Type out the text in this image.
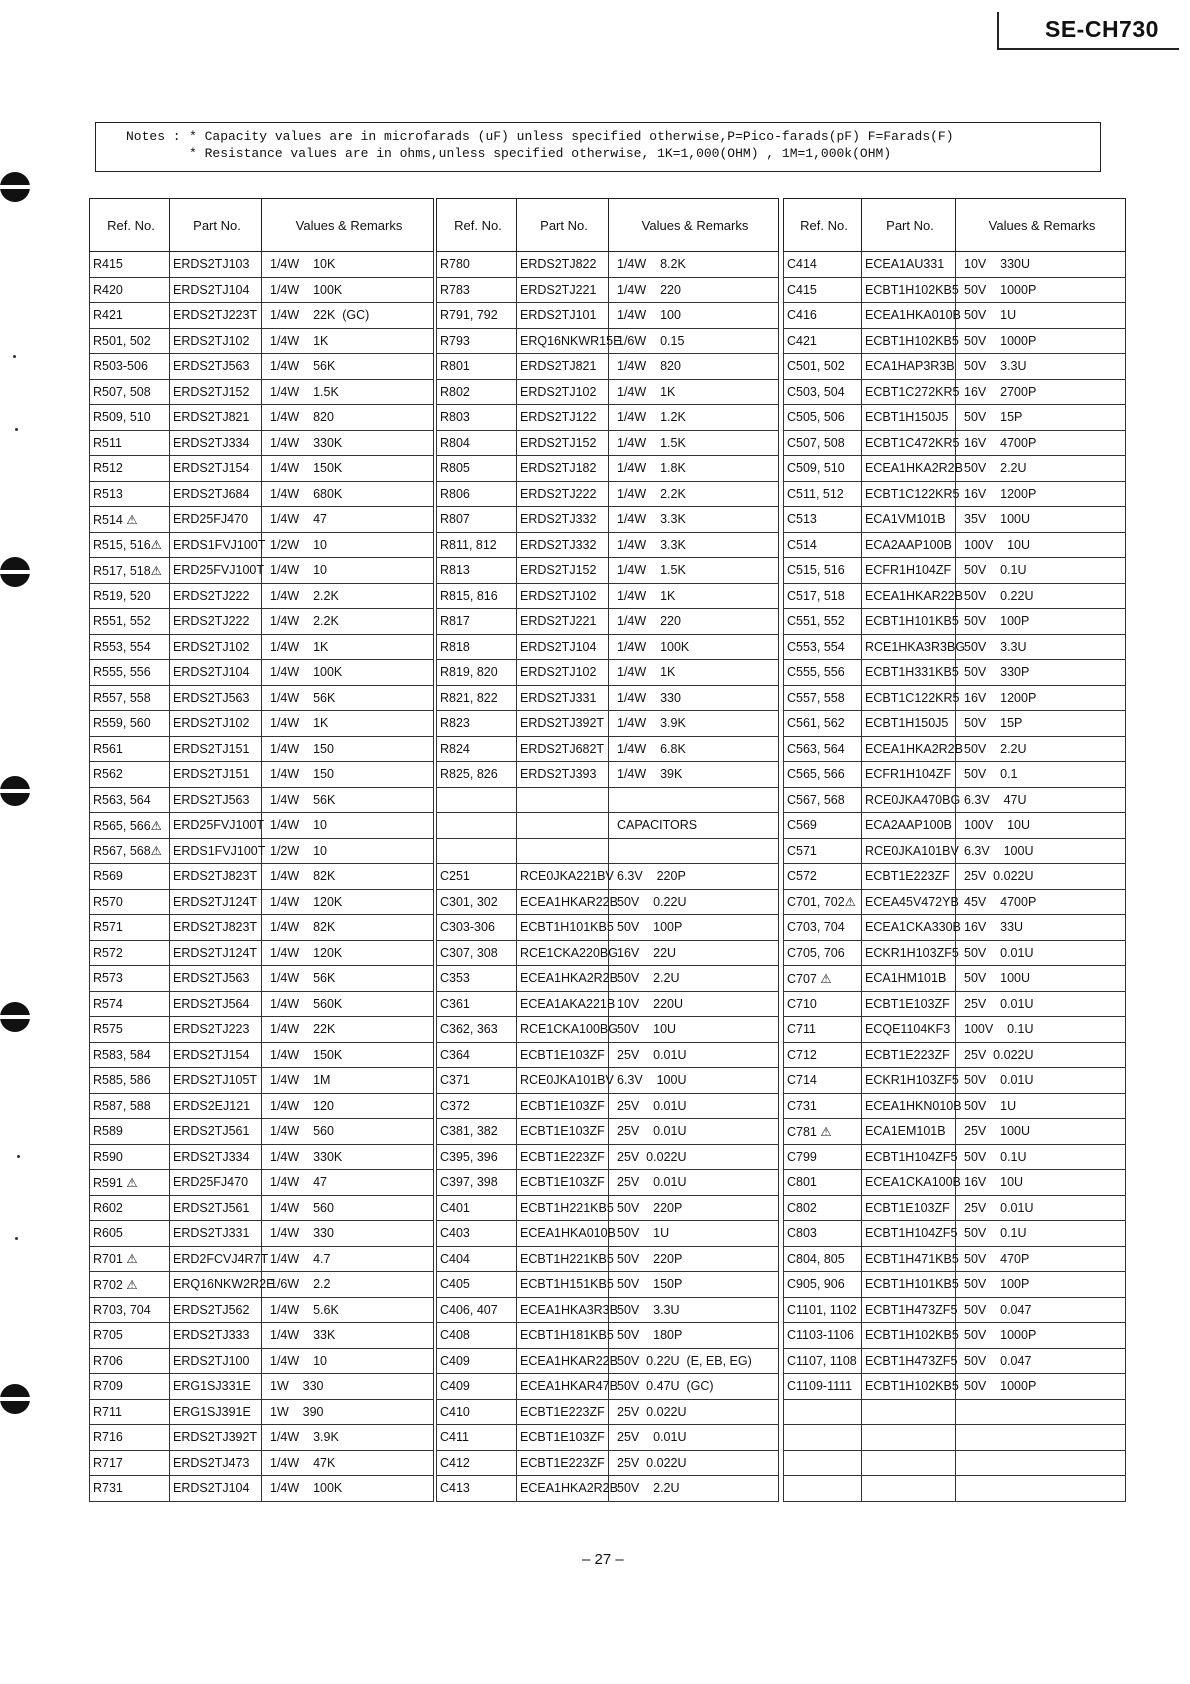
SE-CH730
Notes : * Capacity values are in microfarads (uF) unless specified otherwise,P=Pico-farads(pF) F=Farads(F)
* Resistance values are in ohms,unless specified otherwise, 1K=1,000(OHM) , 1M=1,000k(OHM)
Ref. No.	Part No.	Values & Remarks
R415	ERDS2TJ103	1/4W    10K
R420	ERDS2TJ104	1/4W    100K
R421	ERDS2TJ223T	1/4W    22K  (GC)
R501, 502	ERDS2TJ102	1/4W    1K
R503-506	ERDS2TJ563	1/4W    56K
R507, 508	ERDS2TJ152	1/4W    1.5K
R509, 510	ERDS2TJ821	1/4W    820
R511	ERDS2TJ334	1/4W    330K
R512	ERDS2TJ154	1/4W    150K
R513	ERDS2TJ684	1/4W    680K
R514 ⚠	ERD25FJ470	1/4W    47
R515, 516⚠	ERDS1FVJ100T	1/2W    10
R517, 518⚠	ERD25FVJ100T	1/4W    10
R519, 520	ERDS2TJ222	1/4W    2.2K
R551, 552	ERDS2TJ222	1/4W    2.2K
R553, 554	ERDS2TJ102	1/4W    1K
R555, 556	ERDS2TJ104	1/4W    100K
R557, 558	ERDS2TJ563	1/4W    56K
R559, 560	ERDS2TJ102	1/4W    1K
R561	ERDS2TJ151	1/4W    150
R562	ERDS2TJ151	1/4W    150
R563, 564	ERDS2TJ563	1/4W    56K
R565, 566⚠	ERD25FVJ100T	1/4W    10
R567, 568⚠	ERDS1FVJ100T	1/2W    10
R569	ERDS2TJ823T	1/4W    82K
R570	ERDS2TJ124T	1/4W    120K
R571	ERDS2TJ823T	1/4W    82K
R572	ERDS2TJ124T	1/4W    120K
R573	ERDS2TJ563	1/4W    56K
R574	ERDS2TJ564	1/4W    560K
R575	ERDS2TJ223	1/4W    22K
R583, 584	ERDS2TJ154	1/4W    150K
R585, 586	ERDS2TJ105T	1/4W    1M
R587, 588	ERDS2EJ121	1/4W    120
R589	ERDS2TJ561	1/4W    560
R590	ERDS2TJ334	1/4W    330K
R591 ⚠	ERD25FJ470	1/4W    47
R602	ERDS2TJ561	1/4W    560
R605	ERDS2TJ331	1/4W    330
R701 ⚠	ERD2FCVJ4R7T	1/4W    4.7
R702 ⚠	ERQ16NKW2R2E	1/6W    2.2
R703, 704	ERDS2TJ562	1/4W    5.6K
R705	ERDS2TJ333	1/4W    33K
R706	ERDS2TJ100	1/4W    10
R709	ERG1SJ331E	1W    330
R711	ERG1SJ391E	1W    390
R716	ERDS2TJ392T	1/4W    3.9K
R717	ERDS2TJ473	1/4W    47K
R731	ERDS2TJ104	1/4W    100K
Ref. No.	Part No.	Values & Remarks
R780	ERDS2TJ822	1/4W    8.2K
R783	ERDS2TJ221	1/4W    220
R791, 792	ERDS2TJ101	1/4W    100
R793	ERQ16NKWR15E	1/6W    0.15
R801	ERDS2TJ821	1/4W    820
R802	ERDS2TJ102	1/4W    1K
R803	ERDS2TJ122	1/4W    1.2K
R804	ERDS2TJ152	1/4W    1.5K
R805	ERDS2TJ182	1/4W    1.8K
R806	ERDS2TJ222	1/4W    2.2K
R807	ERDS2TJ332	1/4W    3.3K
R811, 812	ERDS2TJ332	1/4W    3.3K
R813	ERDS2TJ152	1/4W    1.5K
R815, 816	ERDS2TJ102	1/4W    1K
R817	ERDS2TJ221	1/4W    220
R818	ERDS2TJ104	1/4W    100K
R819, 820	ERDS2TJ102	1/4W    1K
R821, 822	ERDS2TJ331	1/4W    330
R823	ERDS2TJ392T	1/4W    3.9K
R824	ERDS2TJ682T	1/4W    6.8K
R825, 826	ERDS2TJ393	1/4W    39K

		CAPACITORS

C251	RCE0JKA221BV	6.3V    220P
C301, 302	ECEA1HKAR22B	50V    0.22U
C303-306	ECBT1H101KB5	50V    100P
C307, 308	RCE1CKA220BG	16V    22U
C353	ECEA1HKA2R2B	50V    2.2U
C361	ECEA1AKA221B	10V    220U
C362, 363	RCE1CKA100BG	50V    10U
C364	ECBT1E103ZF	25V    0.01U
C371	RCE0JKA101BV	6.3V    100U
C372	ECBT1E103ZF	25V    0.01U
C381, 382	ECBT1E103ZF	25V    0.01U
C395, 396	ECBT1E223ZF	25V  0.022U
C397, 398	ECBT1E103ZF	25V    0.01U
C401	ECBT1H221KB5	50V    220P
C403	ECEA1HKA010B	50V    1U
C404	ECBT1H221KB5	50V    220P
C405	ECBT1H151KB5	50V    150P
C406, 407	ECEA1HKA3R3B	50V    3.3U
C408	ECBT1H181KB5	50V    180P
C409	ECEA1HKAR22B	50V  0.22U  (E, EB, EG)
C409	ECEA1HKAR47B	50V  0.47U  (GC)
C410	ECBT1E223ZF	25V  0.022U
C411	ECBT1E103ZF	25V    0.01U
C412	ECBT1E223ZF	25V  0.022U
C413	ECEA1HKA2R2B	50V    2.2U
Ref. No.	Part No.	Values & Remarks
C414	ECEA1AU331	10V    330U
C415	ECBT1H102KB5	50V    1000P
C416	ECEA1HKA010B	50V    1U
C421	ECBT1H102KB5	50V    1000P
C501, 502	ECA1HAP3R3B	50V    3.3U
C503, 504	ECBT1C272KR5	16V    2700P
C505, 506	ECBT1H150J5	50V    15P
C507, 508	ECBT1C472KR5	16V    4700P
C509, 510	ECEA1HKA2R2B	50V    2.2U
C511, 512	ECBT1C122KR5	16V    1200P
C513	ECA1VM101B	35V    100U
C514	ECA2AAP100B	100V    10U
C515, 516	ECFR1H104ZF	50V    0.1U
C517, 518	ECEA1HKAR22B	50V    0.22U
C551, 552	ECBT1H101KB5	50V    100P
C553, 554	RCE1HKA3R3BG	50V    3.3U
C555, 556	ECBT1H331KB5	50V    330P
C557, 558	ECBT1C122KR5	16V    1200P
C561, 562	ECBT1H150J5	50V    15P
C563, 564	ECEA1HKA2R2B	50V    2.2U
C565, 566	ECFR1H104ZF	50V    0.1
C567, 568	RCE0JKA470BG	6.3V    47U
C569	ECA2AAP100B	100V    10U
C571	RCE0JKA101BV	6.3V    100U
C572	ECBT1E223ZF	25V  0.022U
C701, 702⚠	ECEA45V472YB	45V    4700P
C703, 704	ECEA1CKA330B	16V    33U
C705, 706	ECKR1H103ZF5	50V    0.01U
C707 ⚠	ECA1HM101B	50V    100U
C710	ECBT1E103ZF	25V    0.01U
C711	ECQE1104KF3	100V    0.1U
C712	ECBT1E223ZF	25V  0.022U
C714	ECKR1H103ZF5	50V    0.01U
C731	ECEA1HKN010B	50V    1U
C781 ⚠	ECA1EM101B	25V    100U
C799	ECBT1H104ZF5	50V    0.1U
C801	ECEA1CKA100B	16V    10U
C802	ECBT1E103ZF	25V    0.01U
C803	ECBT1H104ZF5	50V    0.1U
C804, 805	ECBT1H471KB5	50V    470P
C905, 906	ECBT1H101KB5	50V    100P
C1101, 1102	ECBT1H473ZF5	50V    0.047
C1103-1106	ECBT1H102KB5	50V    1000P
C1107, 1108	ECBT1H473ZF5	50V    0.047
C1109-1111	ECBT1H102KB5	50V    1000P

– 27 –
